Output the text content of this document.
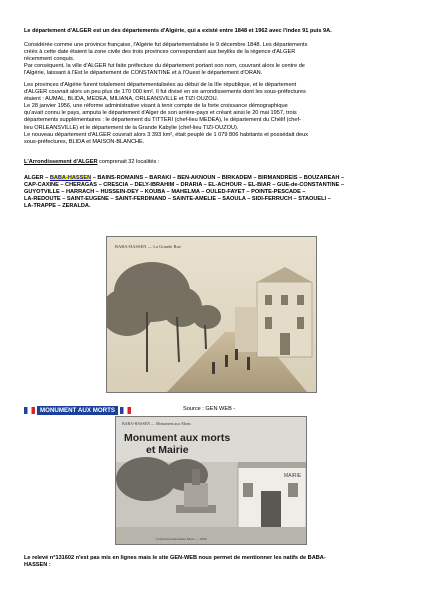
Le département d'ALGER est un des départements d'Algérie, qui a existé entre 1848 et 1962 avec l'index 91 puis 9A.
Considérée comme une province française, l'Algérie fut départementalisée le 9 décembre 1848. Les départements
créés à cette date étaient la zone civile des trois provinces correspondant aux beyliks de la régence d'ALGER
récemment conquis.
Par conséquent, la ville d'ALGER fut faite préfecture du département portant son nom, couvrant alors le centre de
l'Algérie, laissant à l'Est le département de CONSTANTINE et à l'Ouest le département d'ORAN.
Les provinces d'Algérie furent totalement départementalisées au début de la IIIe république, et le département
d'ALGER couvrait alors un peu plus de 170 000 km². Il fut divisé en six arrondissements dont les sous-préfectures
étaient : AUMAL, BLIDA, MEDEA, MILIANA, ORLEANSVILLE et TIZI OUZOU.
Le 28 janvier 1956, une réforme administrative visant à tenir compte de la forte croissance démographique
qu'avait connu le pays, amputa le département d'Alger de son arrière-pays et créant ainsi le 20 mai 1957, trois
départements supplémentaires : le département du TITTERI (chef-lieu MEDEA), le département du Chélif (chef-
lieu ORLEANSVILLE) et le département de la Grande Kabylie (chef-lieu TIZI-OUZOU).
Le nouveau département d'ALGER couvrait alors 3 393 km², était peuplé de 1 079 806 habitants et possédait deux
sous-préfectures, BLIDA et MAISON-BLANCHE.
L'Arrondissement d'ALGER comprenait 32 localités :
ALGER – BABA-HASSEN – BAINS-ROMAINS – BARAKI – BEN-AKNOUN – BIRKADEM – BIRMANDREIS – BOUZAREAH –
CAP-CAXINE – CHERAGAS – CRESCIA – DELY-IBRAHIM – DRARIA – EL-ACHOUR – EL-BIAR – GUE-de-CONSTANTINE –
GUYOTVILLE – HARRACH – HUSSEIN-DEY – KOUBA – MAHELMA – OULED-FAYET – POINTE-PESCADE –
LA-REDOUTE – SAINT-EUGENE – SAINT-FERDINAND – SAINTE-AMELIE – SAOULA – SIDI-FERRUCH – STAOUELI –
LA-TRAPPE – ZERALDA.
BABA-HASSEN — La Grande Rue
MONUMENT AUX MORTS	Source : GEN WEB -
MAIRIE
BABA-HASSEN — Monument aux Morts
Monument aux morts
et Mairie
Collection Alexandre Mora — 1950
Le relevé n°131602 n'est pas mis en lignes mais le site GEN-WEB nous permet de mentionner les natifs de BABA-
HASSEN :
